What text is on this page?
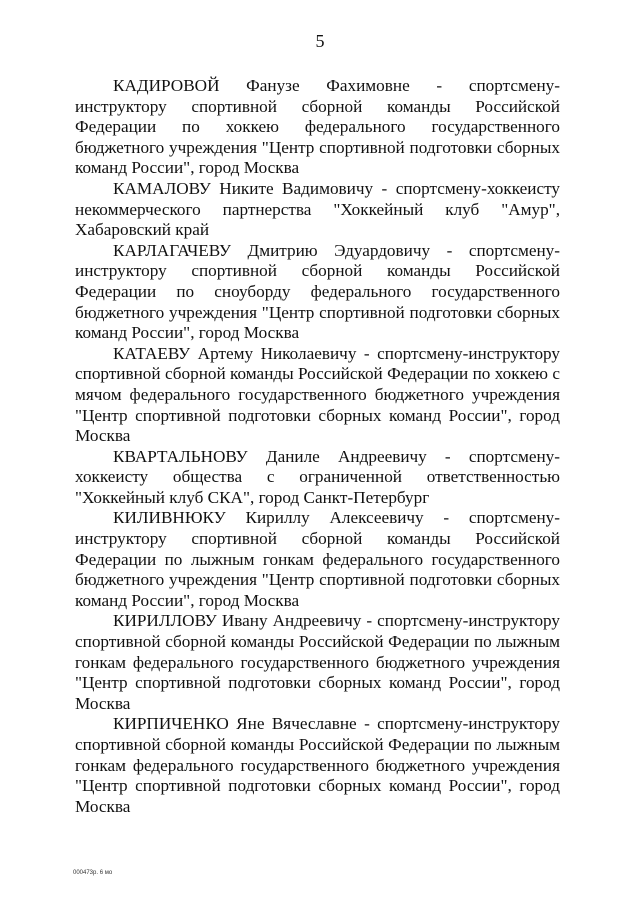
5

КАДИРОВОЙ Фанузе Фахимовне - спортсмену-инструктору спортивной сборной команды Российской Федерации по хоккею федерального государственного бюджетного учреждения "Центр спортивной подготовки сборных команд России", город Москва

КАМАЛОВУ Никите Вадимовичу - спортсмену-хоккеисту некоммерческого партнерства "Хоккейный клуб "Амур", Хабаровский край

КАРЛАГАЧЕВУ Дмитрию Эдуардовичу - спортсмену-инструктору спортивной сборной команды Российской Федерации по сноуборду федерального государственного бюджетного учреждения "Центр спортивной подготовки сборных команд России", город Москва

КАТАЕВУ Артему Николаевичу - спортсмену-инструктору спортивной сборной команды Российской Федерации по хоккею с мячом федерального государственного бюджетного учреждения "Центр спортивной подготовки сборных команд России", город Москва

КВАРТАЛЬНОВУ Даниле Андреевичу - спортсмену-хоккеисту общества с ограниченной ответственностью "Хоккейный клуб СКА", город Санкт-Петербург

КИЛИВНЮКУ Кириллу Алексеевичу - спортсмену-инструктору спортивной сборной команды Российской Федерации по лыжным гонкам федерального государственного бюджетного учреждения "Центр спортивной подготовки сборных команд России", город Москва

КИРИЛЛОВУ Ивану Андреевичу - спортсмену-инструктору спортивной сборной команды Российской Федерации по лыжным гонкам федерального государственного бюджетного учреждения "Центр спортивной подготовки сборных команд России", город Москва

КИРПИЧЕНКО Яне Вячеславне - спортсмену-инструктору спортивной сборной команды Российской Федерации по лыжным гонкам федерального государственного бюджетного учреждения "Центр спортивной подготовки сборных команд России", город Москва

000473р. 6 мо
